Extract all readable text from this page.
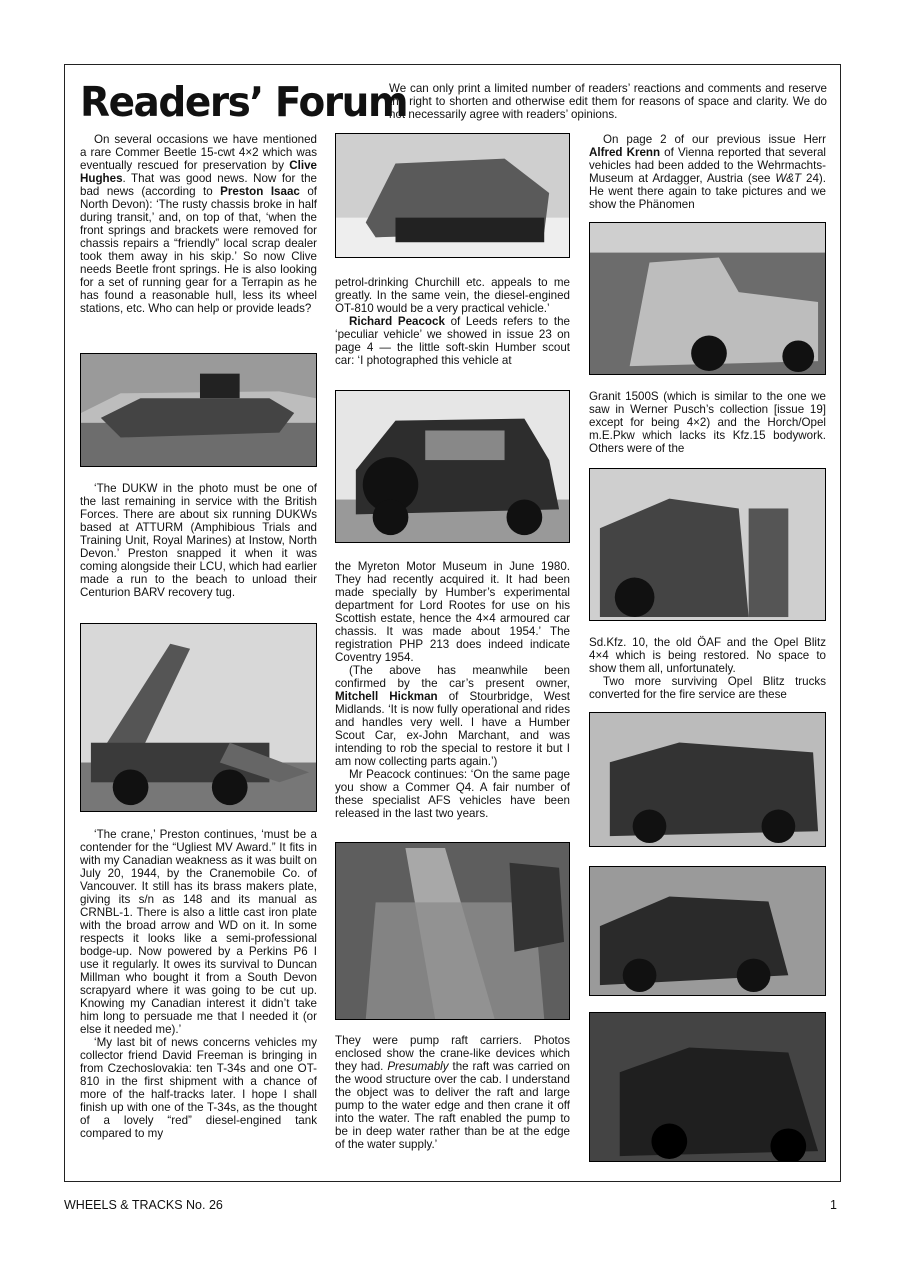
Readers’ Forum
We can only print a limited number of readers’ reactions and comments and reserve the right to shorten and otherwise edit them for reasons of space and clarity. We do not necessarily agree with readers’ opinions.

On several occasions we have mentioned a rare Commer Beetle 15-cwt 4×2 which was eventually rescued for preservation by Clive Hughes. That was good news. Now for the bad news (according to Preston Isaac of North Devon): ‘The rusty chassis broke in half during transit,’ and, on top of that, ‘when the front springs and brackets were removed for chassis repairs a “friendly” local scrap dealer took them away in his skip.’ So now Clive needs Beetle front springs. He is also looking for a set of running gear for a Terrapin as he has found a reasonable hull, less its wheel stations, etc. Who can help or provide leads?

‘The DUKW in the photo must be one of the last remaining in service with the British Forces. There are about six running DUKWs based at ATTURM (Amphibious Trials and Training Unit, Royal Marines) at Instow, North Devon.’ Preston snapped it when it was coming alongside their LCU, which had earlier made a run to the beach to unload their Centurion BARV recovery tug.

‘The crane,’ Preston continues, ‘must be a contender for the “Ugliest MV Award.” It fits in with my Canadian weakness as it was built on July 20, 1944, by the Cranemobile Co. of Vancouver. It still has its brass makers plate, giving its s/n as 148 and its manual as CRNBL-1. There is also a little cast iron plate with the broad arrow and WD on it. In some respects it looks like a semi-professional bodge-up. Now powered by a Perkins P6 I use it regularly. It owes its survival to Duncan Millman who bought it from a South Devon scrapyard where it was going to be cut up. Knowing my Canadian interest it didn’t take him long to persuade me that I needed it (or else it needed me).’

‘My last bit of news concerns vehicles my collector friend David Freeman is bringing in from Czechoslovakia: ten T-34s and one OT-810 in the first shipment with a chance of more of the half-tracks later. I hope I shall finish up with one of the T-34s, as the thought of a lovely “red” diesel-engined tank compared to my

petrol-drinking Churchill etc. appeals to me greatly. In the same vein, the diesel-engined OT-810 would be a very practical vehicle.’

Richard Peacock of Leeds refers to the ‘peculiar vehicle’ we showed in issue 23 on page 4 — the little soft-skin Humber scout car: ‘I photographed this vehicle at

the Myreton Motor Museum in June 1980. They had recently acquired it. It had been made specially by Humber’s experimental department for Lord Rootes for use on his Scottish estate, hence the 4×4 armoured car chassis. It was made about 1954.’ The registration PHP 213 does indeed indicate Coventry 1954.

(The above has meanwhile been confirmed by the car’s present owner, Mitchell Hickman of Stourbridge, West Midlands. ‘It is now fully operational and rides and handles very well. I have a Humber Scout Car, ex-John Marchant, and was intending to rob the special to restore it but I am now collecting parts again.’)

Mr Peacock continues: ‘On the same page you show a Commer Q4. A fair number of these specialist AFS vehicles have been released in the last two years.

They were pump raft carriers. Photos enclosed show the crane-like devices which they had. Presumably the raft was carried on the wood structure over the cab. I understand the object was to deliver the raft and large pump to the water edge and then crane it off into the water. The raft enabled the pump to be in deep water rather than be at the edge of the water supply.’

On page 2 of our previous issue Herr Alfred Krenn of Vienna reported that several vehicles had been added to the Wehrmachts-Museum at Ardagger, Austria (see W&T 24). He went there again to take pictures and we show the Phänomen

Granit 1500S (which is similar to the one we saw in Werner Pusch’s collection [issue 19] except for being 4×2) and the Horch/Opel m.E.Pkw which lacks its Kfz.15 bodywork. Others were of the

Sd.Kfz. 10, the old ÖAF and the Opel Blitz 4×4 which is being restored. No space to show them all, unfortunately.

Two more surviving Opel Blitz trucks converted for the fire service are these

WHEELS & TRACKS No. 26	1
